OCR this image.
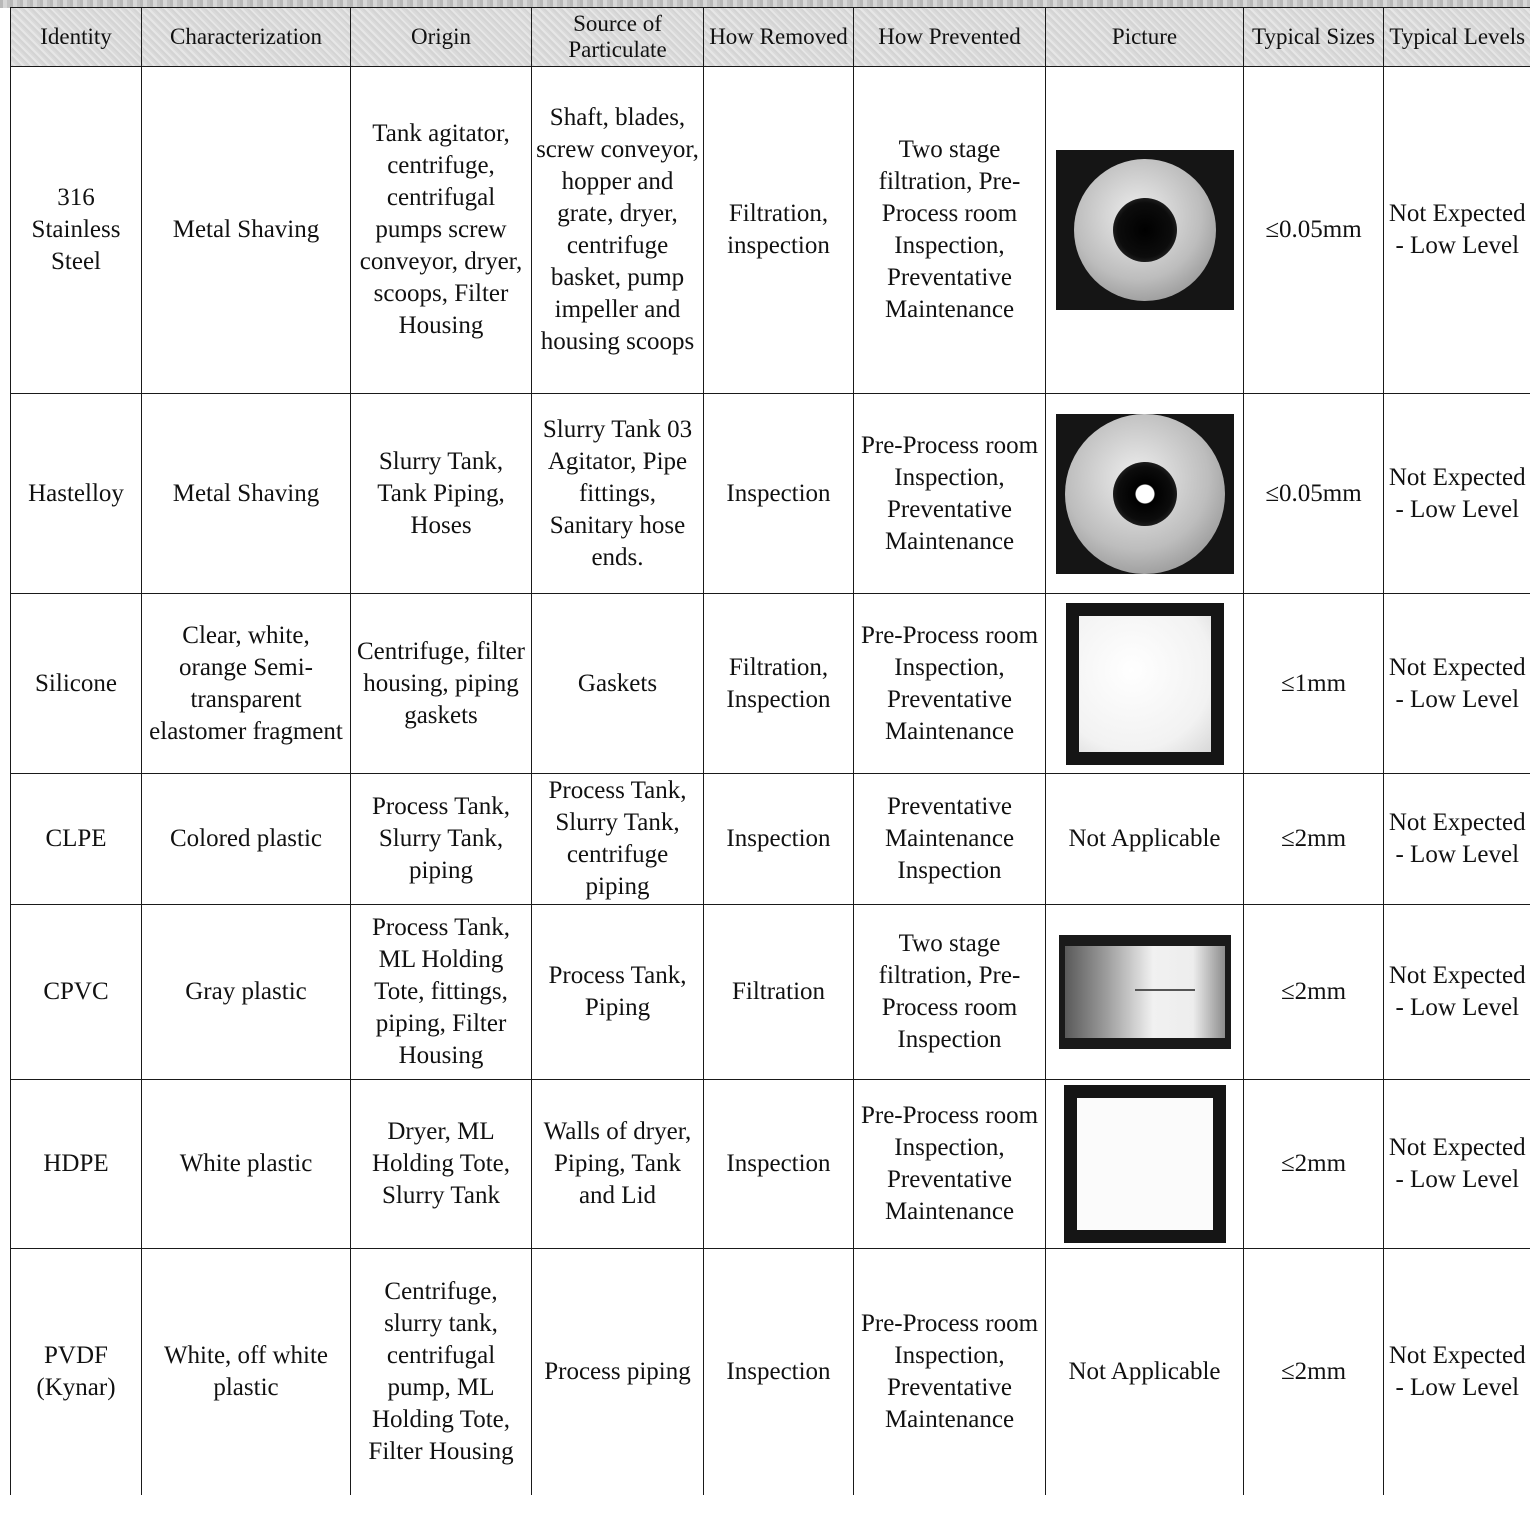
Identity	Characterization	Origin	Source of Particulate	How Removed	How Prevented	Picture	Typical Sizes	Typical Levels
316 Stainless Steel	Metal Shaving	Tank agitator, centrifuge, centrifugal pumps screw conveyor, dryer, scoops, Filter Housing	Shaft, blades, screw conveyor, hopper and grate, dryer, centrifuge basket, pump impeller and housing scoops	Filtration, inspection	Two stage filtration, Pre-Process room Inspection, Preventative Maintenance		≤0.05mm	Not Expected - Low Level
Hastelloy	Metal Shaving	Slurry Tank, Tank Piping, Hoses	Slurry Tank 03 Agitator, Pipe fittings, Sanitary hose ends.	Inspection	Pre-Process room Inspection, Preventative Maintenance		≤0.05mm	Not Expected - Low Level
Silicone	Clear, white, orange Semi-transparent elastomer fragment	Centrifuge, filter housing, piping gaskets	Gaskets	Filtration, Inspection	Pre-Process room Inspection, Preventative Maintenance		≤1mm	Not Expected - Low Level
CLPE	Colored plastic	Process Tank, Slurry Tank, piping	Process Tank, Slurry Tank, centrifuge piping	Inspection	Preventative Maintenance Inspection	Not Applicable	≤2mm	Not Expected - Low Level
CPVC	Gray plastic	Process Tank, ML Holding Tote, fittings, piping, Filter Housing	Process Tank, Piping	Filtration	Two stage filtration, Pre-Process room Inspection		≤2mm	Not Expected - Low Level
HDPE	White plastic	Dryer, ML Holding Tote, Slurry Tank	Walls of dryer, Piping, Tank and Lid	Inspection	Pre-Process room Inspection, Preventative Maintenance		≤2mm	Not Expected - Low Level
PVDF (Kynar)	White, off white plastic	Centrifuge, slurry tank, centrifugal pump, ML Holding Tote, Filter Housing	Process piping	Inspection	Pre-Process room Inspection, Preventative Maintenance	Not Applicable	≤2mm	Not Expected - Low Level
